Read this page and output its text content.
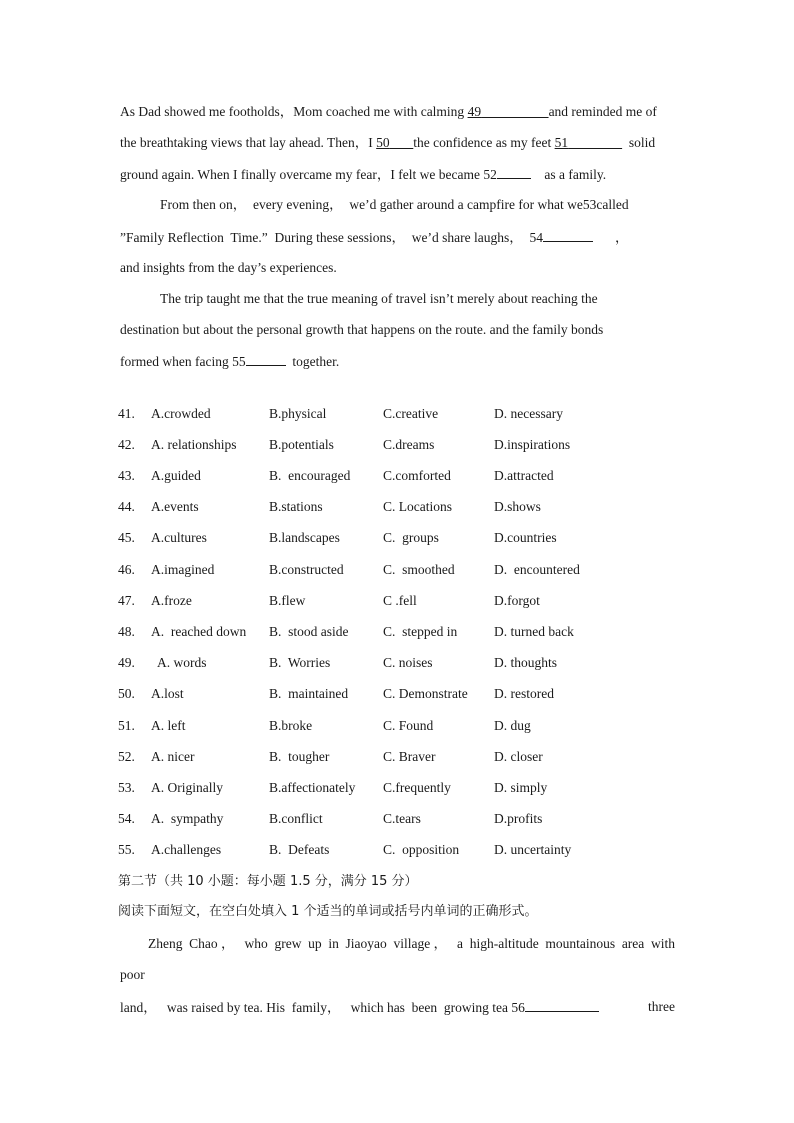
As Dad showed me footholds，Mom coached me with calming 49	and reminded me of
the breathtaking views that lay ahead. Then，I 50 the confidence as my feet 51	solid
ground again. When I finally overcame my fear，I felt we became 52	as a family.
From then on，  every evening，  we’d gather around a campfire for what we53called
”Family Reflection  Time.”  During these sessions，  we’d share laughs，  54	，
and insights from the day’s experiences.
The trip taught me that the true meaning of travel isn’t merely about reaching the
destination but about the personal growth that happens on the route. and the family bonds
formed when facing 55	together.
41. A.crowded	B.physical	C.creative	D. necessary
42. A. relationships B.potentials	C.dreams	D.inspirations
43. A.guided	B.  encouraged C.comforted	D.attracted
44. A.events	B.stations	C. Locations	D.shows
45. A.cultures	B.landscapes	C.  groups	D.countries
46. A.imagined	B.constructed	C.  smoothed	D.  encountered
47. A.froze	B.flew	C .fell	D.forgot
48. A.  reached down B.  stood aside	C.  stepped in	D. turned back
49. A. words	B.  Worries	C. noises	D. thoughts
50. A.lost	B.  maintained	C. Demonstrate D. restored
51. A. left	B.broke	C. Found	D. dug
52. A. nicer	B.  tougher	C. Braver	D. closer
53. A. Originally	B.affectionately C.frequently	D. simply
54. A.  sympathy	B.conflict	C.tears	D.profits
55. A.challenges	B.  Defeats	C.  opposition	D. uncertainty
第二节（共 10 小题：每小题 1.5 分，满分 15 分）
阅读下面短文，在空白处填入 1 个适当的单词或括号内单词的正确形式。
Zheng Chao， who grew up in Jiaoyao village， a high-altitude mountainous area with
poor
land，   was raised by tea. His  family，   which has  been  growing tea 56	three
